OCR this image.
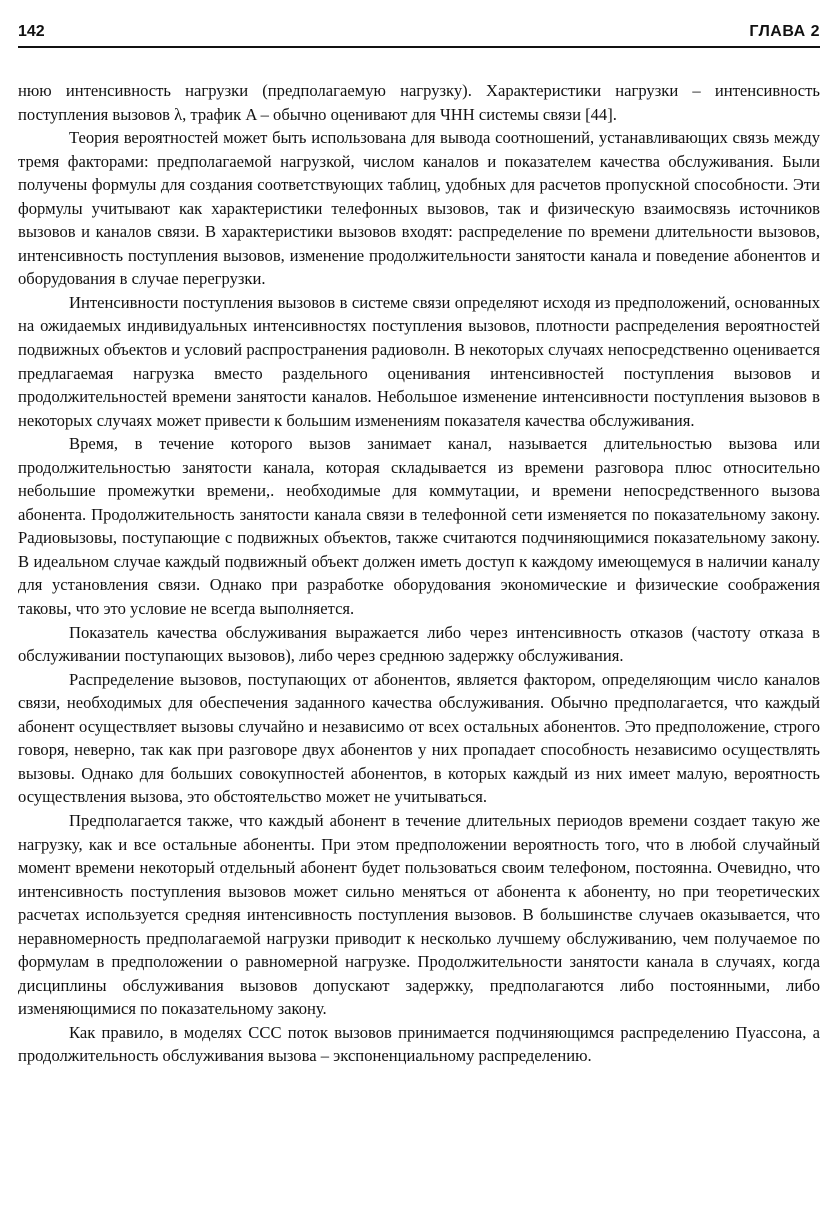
142	ГЛАВА 2

нюю интенсивность нагрузки (предполагаемую нагрузку). Характеристики нагрузки – интенсивность поступления вызовов λ, трафик A – обычно оценивают для ЧНН системы связи [44].

Теория вероятностей может быть использована для вывода соотношений, устанавливающих связь между тремя факторами: предполагаемой нагрузкой, числом каналов и показателем качества обслуживания. Были получены формулы для создания соответствующих таблиц, удобных для расчетов пропускной способности. Эти формулы учитывают как характеристики телефонных вызовов, так и физическую взаимосвязь источников вызовов и каналов связи. В характеристики вызовов входят: распределение по времени длительности вызовов, интенсивность поступления вызовов, изменение продолжительности занятости канала и поведение абонентов и оборудования в случае перегрузки.

Интенсивности поступления вызовов в системе связи определяют исходя из предположений, основанных на ожидаемых индивидуальных интенсивностях поступления вызовов, плотности распределения вероятностей подвижных объектов и условий распространения радиоволн. В некоторых случаях непосредственно оценивается предлагаемая нагрузка вместо раздельного оценивания интенсивностей поступления вызовов и продолжительностей времени занятости каналов. Небольшое изменение интенсивности поступления вызовов в некоторых случаях может привести к большим изменениям показателя качества обслуживания.

Время, в течение которого вызов занимает канал, называется длительностью вызова или продолжительностью занятости канала, которая складывается из времени разговора плюс относительно небольшие промежутки времени,. необходимые для коммутации, и времени непосредственного вызова абонента. Продолжительность занятости канала связи в телефонной сети изменяется по показательному закону. Радиовызовы, поступающие с подвижных объектов, также считаются подчиняющимися показательному закону. В идеальном случае каждый подвижный объект должен иметь доступ к каждому имеющемуся в наличии каналу для установления связи. Однако при разработке оборудования экономические и физические соображения таковы, что это условие не всегда выполняется.

Показатель качества обслуживания выражается либо через интенсивность отказов (частоту отказа в обслуживании поступающих вызовов), либо через среднюю задержку обслуживания.

Распределение вызовов, поступающих от абонентов, является фактором, определяющим число каналов связи, необходимых для обеспечения заданного качества обслуживания. Обычно предполагается, что каждый абонент осуществляет вызовы случайно и независимо от всех остальных абонентов. Это предположение, строго говоря, неверно, так как при разговоре двух абонентов у них пропадает способность независимо осуществлять вызовы. Однако для больших совокупностей абонентов, в которых каждый из них имеет малую, вероятность осуществления вызова, это обстоятельство может не учитываться.

Предполагается также, что каждый абонент в течение длительных периодов времени создает такую же нагрузку, как и все остальные абоненты. При этом предположении вероятность того, что в любой случайный момент времени некоторый отдельный абонент будет пользоваться своим телефоном, постоянна. Очевидно, что интенсивность поступления вызовов может сильно меняться от абонента к абоненту, но при теоретических расчетах используется средняя интенсивность поступления вызовов. В большинстве случаев оказывается, что неравномерность предполагаемой нагрузки приводит к несколько лучшему обслуживанию, чем получаемое по формулам в предположении о равномерной нагрузке. Продолжительности занятости канала в случаях, когда дисциплины обслуживания вызовов допускают задержку, предполагаются либо постоянными, либо изменяющимися по показательному закону.

Как правило, в моделях ССС поток вызовов принимается подчиняющимся распределению Пуассона, а продолжительность обслуживания вызова – экспоненциальному распределению.
